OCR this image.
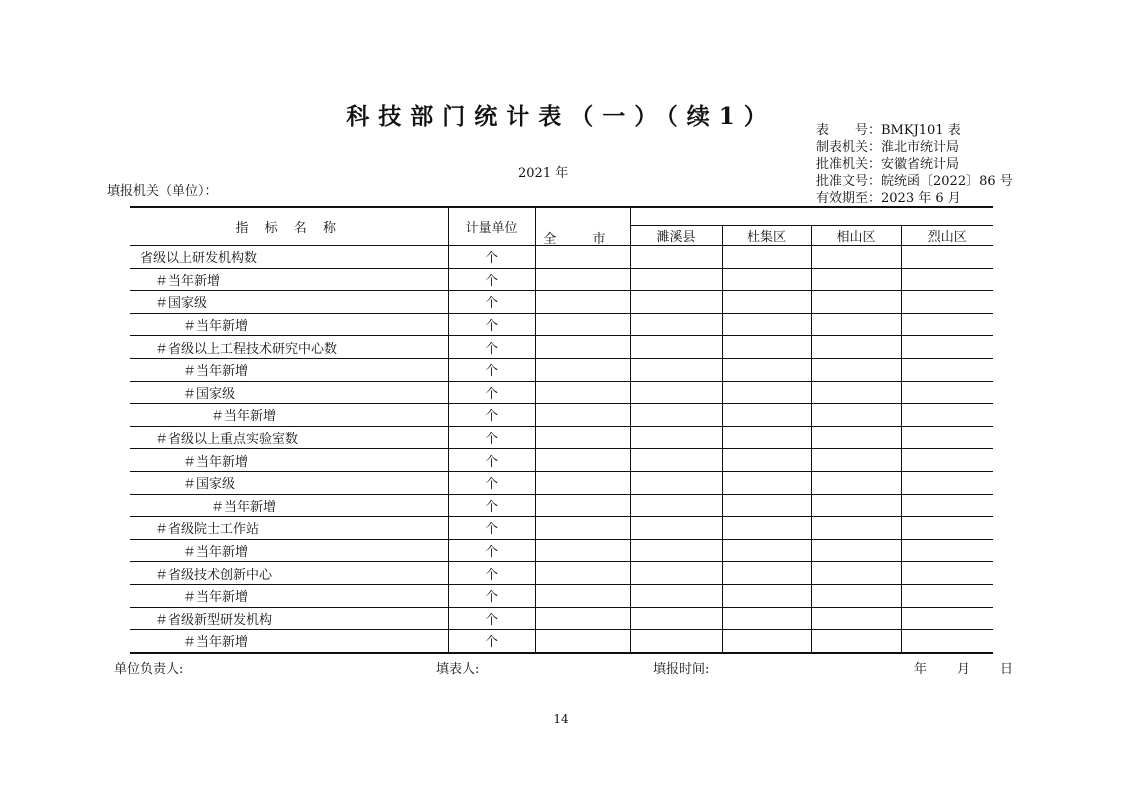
科技部门统计表（一）（续1）
表　　号：BMKJ101 表
制表机关：淮北市统计局
批准机关：安徽省统计局
批准文号：皖统函〔2022〕86 号
有效期至：2023 年 6 月
2021 年
填报机关（单位）：
指 标 名 称	计量单位	全 市				
			濉溪县	杜集区	相山区	烈山区
省级以上研发机构数	个					
＃当年新增	个					
＃国家级	个					
＃当年新增	个					
＃省级以上工程技术研究中心数	个					
＃当年新增	个					
＃国家级	个					
＃当年新增	个					
＃省级以上重点实验室数	个					
＃当年新增	个					
＃国家级	个					
＃当年新增	个					
＃省级院士工作站	个					
＃当年新增	个					
＃省级技术创新中心	个					
＃当年新增	个					
＃省级新型研发机构	个					
＃当年新增	个					
单位负责人:	填表人:	填报时间:	年 月 日
14
